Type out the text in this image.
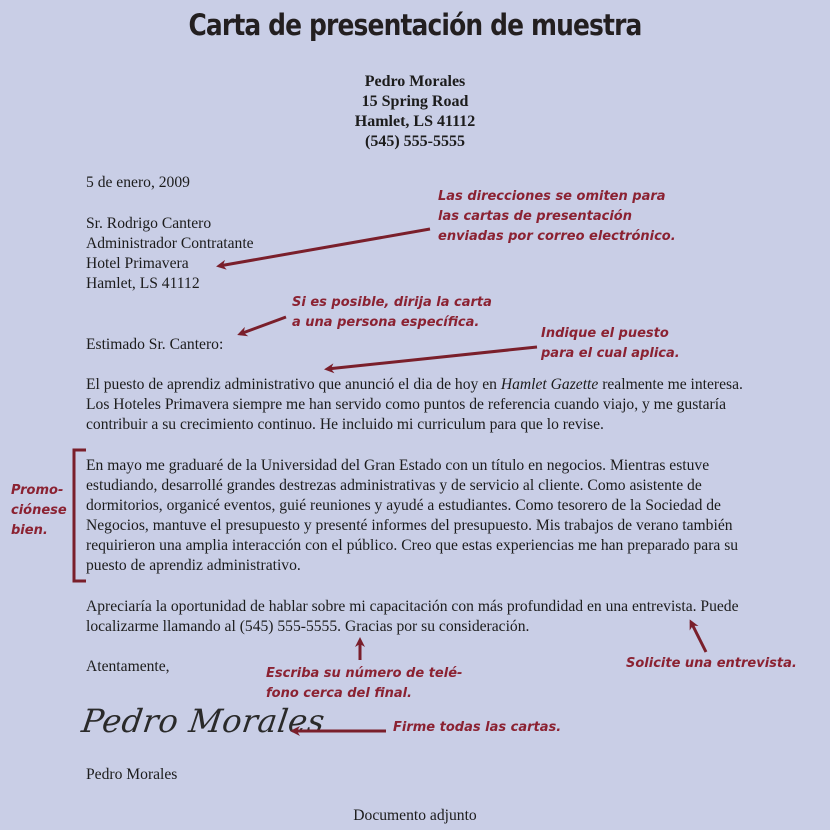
Carta de presentación de muestra
Pedro Morales
15 Spring Road
Hamlet, LS 41112
(545) 555-5555
5 de enero, 2009
Sr. Rodrigo Cantero
Administrador Contratante
Hotel Primavera
Hamlet, LS 41112
Estimado Sr. Cantero:
El puesto de aprendiz administrativo que anunció el dia de hoy en Hamlet Gazette realmente me interesa. Los Hoteles Primavera siempre me han servido como puntos de referencia cuando viajo, y me gustaría contribuir a su crecimiento continuo. He incluido mi curriculum para que lo revise.
En mayo me graduaré de la Universidad del Gran Estado con un título en negocios. Mientras estuve estudiando, desarrollé grandes destrezas administrativas y de servicio al cliente. Como asistente de dormitorios, organicé eventos, guié reuniones y ayudé a estudiantes. Como tesorero de la Sociedad de Negocios, mantuve el presupuesto y presenté informes del presupuesto. Mis trabajos de verano también requirieron una amplia interacción con el público. Creo que estas experiencias me han preparado para su puesto de aprendiz administrativo.
Apreciaría la oportunidad de hablar sobre mi capacitación con más profundidad en una entrevista. Puede localizarme llamando al (545) 555-5555. Gracias por su consideración.
Atentamente,
Pedro Morales
Pedro Morales
Documento adjunto
Las direcciones se omiten para
las cartas de presentación
enviadas por correo electrónico.
Si es posible, dirija la carta
a una persona específica.
Indique el puesto
para el cual aplica.
Promo-
ciónese
bien.
Escriba su número de telé-
fono cerca del final.
Solicite una entrevista.
Firme todas las cartas.
